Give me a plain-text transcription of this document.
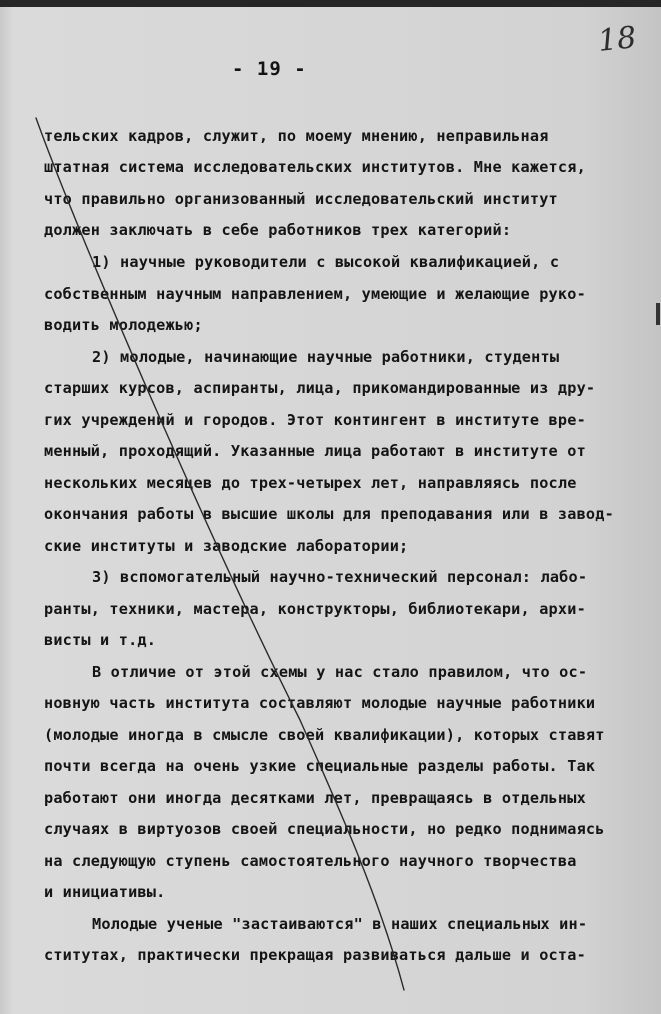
18
- 19 -
тельских кадров, служит, по моему мнению, неправильная
штатная система исследовательских институтов. Мне кажется,
что правильно организованный исследовательский институт
должен заключать в себе работников трех категорий:
1) научные руководители с высокой квалификацией, с
собственным научным направлением, умеющие и желающие руко-
водить молодежью;
2) молодые, начинающие научные работники, студенты
старших курсов, аспиранты, лица, прикомандированные из дру-
гих учреждений и городов. Этот контингент в институте вре-
менный, проходящий. Указанные лица работают в институте от
нескольких месяцев до трех-четырех лет, направляясь после
окончания работы в высшие школы для преподавания или в завод-
ские институты и заводские лаборатории;
3) вспомогательный научно-технический персонал: лабо-
ранты, техники, мастера, конструкторы, библиотекари, архи-
висты и т.д.
В отличие от этой схемы у нас стало правилом, что ос-
новную часть института составляют молодые научные работники
(молодые иногда в смысле своей квалификации), которых ставят
почти всегда на очень узкие специальные разделы работы. Так
работают они иногда десятками лет, превращаясь в отдельных
случаях в виртуозов своей специальности, но редко поднимаясь
на следующую ступень самостоятельного научного творчества
и инициативы.
Молодые ученые "застаиваются" в наших специальных ин-
ститутах, практически прекращая развиваться дальше и оста-
